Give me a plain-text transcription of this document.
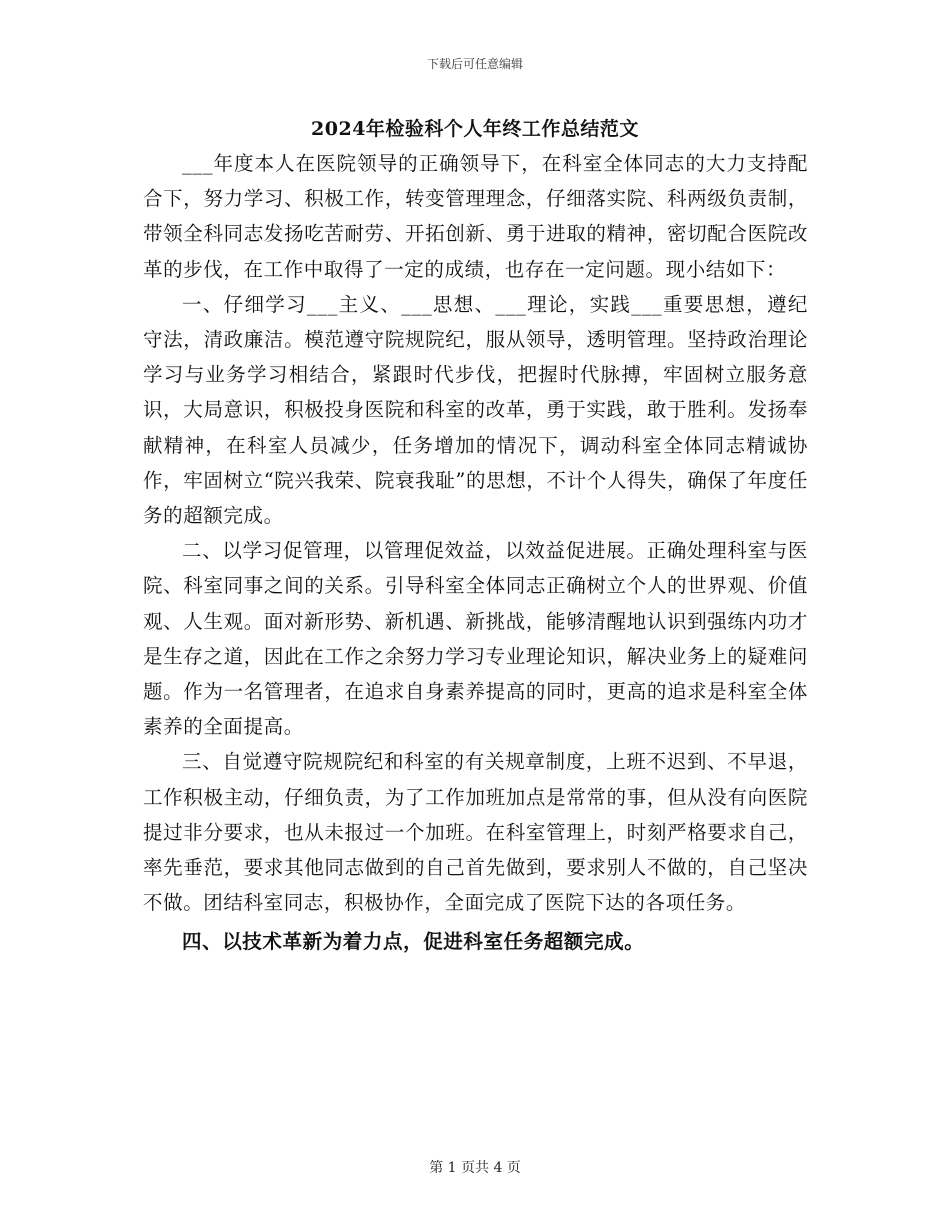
下载后可任意编辑
2024年检验科个人年终工作总结范文

___年度本人在医院领导的正确领导下，在科室全体同志的大力支持配合下，努力学习、积极工作，转变管理理念，仔细落实院、科两级负责制，带领全科同志发扬吃苦耐劳、开拓创新、勇于进取的精神，密切配合医院改革的步伐，在工作中取得了一定的成绩，也存在一定问题。现小结如下：

一、仔细学习___主义、___思想、___理论，实践___重要思想，遵纪守法，清政廉洁。模范遵守院规院纪，服从领导，透明管理。坚持政治理论学习与业务学习相结合，紧跟时代步伐，把握时代脉搏，牢固树立服务意识，大局意识，积极投身医院和科室的改革，勇于实践，敢于胜利。发扬奉献精神，在科室人员减少，任务增加的情况下，调动科室全体同志精诚协作，牢固树立“院兴我荣、院衰我耻”的思想，不计个人得失，确保了年度任务的超额完成。

二、以学习促管理，以管理促效益，以效益促进展。正确处理科室与医院、科室同事之间的关系。引导科室全体同志正确树立个人的世界观、价值观、人生观。面对新形势、新机遇、新挑战，能够清醒地认识到强练内功才是生存之道，因此在工作之余努力学习专业理论知识，解决业务上的疑难问题。作为一名管理者，在追求自身素养提高的同时，更高的追求是科室全体素养的全面提高。

三、自觉遵守院规院纪和科室的有关规章制度，上班不迟到、不早退，工作积极主动，仔细负责，为了工作加班加点是常常的事，但从没有向医院提过非分要求，也从未报过一个加班。在科室管理上，时刻严格要求自己，率先垂范，要求其他同志做到的自己首先做到，要求别人不做的，自己坚决不做。团结科室同志，积极协作，全面完成了医院下达的各项任务。

四、以技术革新为着力点，促进科室任务超额完成。

第 1 页共 4 页
